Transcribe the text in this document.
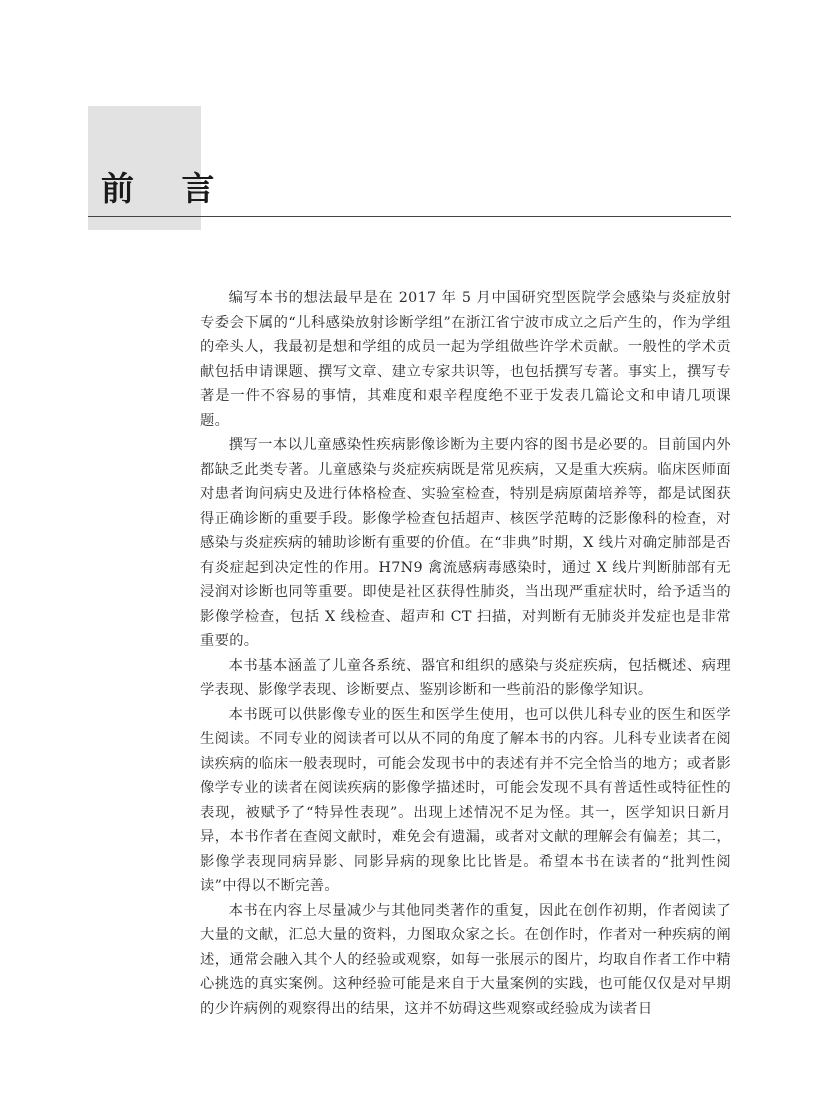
前 言

编写本书的想法最早是在 2017 年 5 月中国研究型医院学会感染与炎症放射专委会下属的“儿科感染放射诊断学组”在浙江省宁波市成立之后产生的，作为学组的牵头人，我最初是想和学组的成员一起为学组做些许学术贡献。一般性的学术贡献包括申请课题、撰写文章、建立专家共识等，也包括撰写专著。事实上，撰写专著是一件不容易的事情，其难度和艰辛程度绝不亚于发表几篇论文和申请几项课题。

撰写一本以儿童感染性疾病影像诊断为主要内容的图书是必要的。目前国内外都缺乏此类专著。儿童感染与炎症疾病既是常见疾病，又是重大疾病。临床医师面对患者询问病史及进行体格检查、实验室检查，特别是病原菌培养等，都是试图获得正确诊断的重要手段。影像学检查包括超声、核医学范畴的泛影像科的检查，对感染与炎症疾病的辅助诊断有重要的价值。在“非典”时期，X 线片对确定肺部是否有炎症起到决定性的作用。H7N9 禽流感病毒感染时，通过 X 线片判断肺部有无浸润对诊断也同等重要。即使是社区获得性肺炎，当出现严重症状时，给予适当的影像学检查，包括 X 线检查、超声和 CT 扫描，对判断有无肺炎并发症也是非常重要的。

本书基本涵盖了儿童各系统、器官和组织的感染与炎症疾病，包括概述、病理学表现、影像学表现、诊断要点、鉴别诊断和一些前沿的影像学知识。

本书既可以供影像专业的医生和医学生使用，也可以供儿科专业的医生和医学生阅读。不同专业的阅读者可以从不同的角度了解本书的内容。儿科专业读者在阅读疾病的临床一般表现时，可能会发现书中的表述有并不完全恰当的地方；或者影像学专业的读者在阅读疾病的影像学描述时，可能会发现不具有普适性或特征性的表现，被赋予了“特异性表现”。出现上述情况不足为怪。其一，医学知识日新月异，本书作者在查阅文献时，难免会有遗漏，或者对文献的理解会有偏差；其二，影像学表现同病异影、同影异病的现象比比皆是。希望本书在读者的“批判性阅读”中得以不断完善。

本书在内容上尽量减少与其他同类著作的重复，因此在创作初期，作者阅读了大量的文献，汇总大量的资料，力图取众家之长。在创作时，作者对一种疾病的阐述，通常会融入其个人的经验或观察，如每一张展示的图片，均取自作者工作中精心挑选的真实案例。这种经验可能是来自于大量案例的实践，也可能仅仅是对早期的少许病例的观察得出的结果，这并不妨碍这些观察或经验成为读者日
